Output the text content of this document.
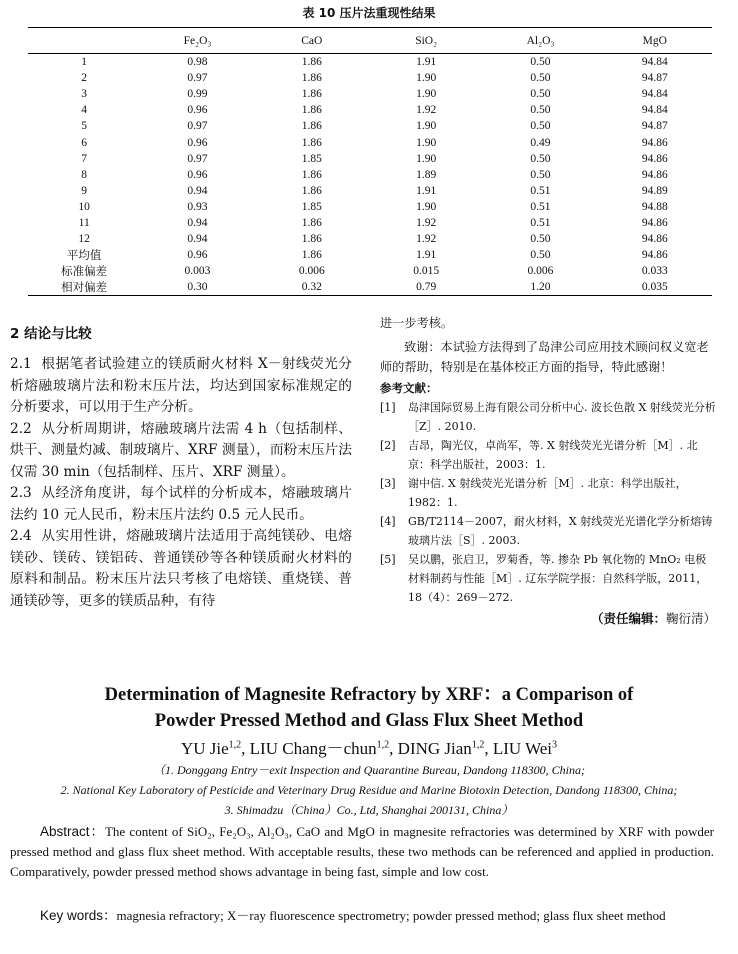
表 10 压片法重现性结果
	Fe₂O₃	CaO	SiO₂	Al₂O₃	MgO
1	0.98	1.86	1.91	0.50	94.84
2	0.97	1.86	1.90	0.50	94.87
3	0.99	1.86	1.90	0.50	94.84
4	0.96	1.86	1.92	0.50	94.84
5	0.97	1.86	1.90	0.50	94.87
6	0.96	1.86	1.90	0.49	94.86
7	0.97	1.85	1.90	0.50	94.86
8	0.96	1.86	1.89	0.50	94.86
9	0.94	1.86	1.91	0.51	94.89
10	0.93	1.85	1.90	0.51	94.88
11	0.94	1.86	1.92	0.51	94.86
12	0.94	1.86	1.92	0.50	94.86
平均值	0.96	1.86	1.91	0.50	94.86
标准偏差	0.003	0.006	0.015	0.006	0.033
相对偏差	0.30	0.32	0.79	1.20	0.035
2 结论与比较

2.1  根据笔者试验建立的镁质耐火材料 X－射线荧光分析熔融玻璃片法和粉末压片法，均达到国家标准规定的分析要求，可以用于生产分析。

2.2  从分析周期讲，熔融玻璃片法需 4 h（包括制样、烘干、测量灼减、制玻璃片、XRF 测量），而粉末压片法仅需 30 min（包括制样、压片、XRF 测量）。

2.3  从经济角度讲，每个试样的分析成本，熔融玻璃片法约 10 元人民币，粉末压片法约 0.5 元人民币。

2.4  从实用性讲，熔融玻璃片法适用于高纯镁砂、电熔镁砂、镁砖、镁铝砖、普通镁砂等各种镁质耐火材料的原料和制品。粉末压片法只考核了电熔镁、重烧镁、普通镁砂等，更多的镁质品种，有待

进一步考核。

致谢：本试验方法得到了岛津公司应用技术顾问权义宽老师的帮助，特别是在基体校正方面的指导，特此感谢！

参考文献：
[1]	岛津国际贸易上海有限公司分析中心. 波长色散 X 射线荧光分析［Z］. 2010.
[2]	吉昂，陶光仪，卓尚军，等. X 射线荧光光谱分析［M］. 北京：科学出版社，2003：1.
[3]	谢中信. X 射线荧光光谱分析［M］. 北京：科学出版社，1982：1.
[4]	GB/T2114－2007，耐火材料，X 射线荧光光谱化学分析熔铸玻璃片法［S］. 2003.
[5]	吴以鹏，张启卫，罗菊香，等. 掺杂 Pb 氧化物的 MnO₂ 电极材料制药与性能［M］. 辽东学院学报：自然科学版，2011，18（4）：269－272.
（责任编辑：鞠衍清）
Determination of Magnesite Refractory by XRF：a Comparison of
Powder Pressed Method and Glass Flux Sheet Method
YU Jie$^{1,2}$, LIU Chang－chun$^{1,2}$, DING Jian$^{1,2}$, LIU Wei$^3$
（1. Donggang Entry－exit Inspection and Quarantine Bureau, Dandong 118300, China;
2. National Key Laboratory of Pesticide and Veterinary Drug Residue and Marine Biotoxin Detection, Dandong 118300, China;
3. Shimadzu（China）Co., Ltd, Shanghai 200131, China）

Abstract：The content of SiO₂, Fe₂O₃, Al₂O₃, CaO and MgO in magnesite refractories was determined by XRF with powder pressed method and glass flux sheet method. With acceptable results, these two methods can be referenced and applied in production. Comparatively, powder pressed method shows advantage in being fast, simple and low cost.

Key words：magnesia refractory; X－ray fluorescence spectrometry; powder pressed method; glass flux sheet method
